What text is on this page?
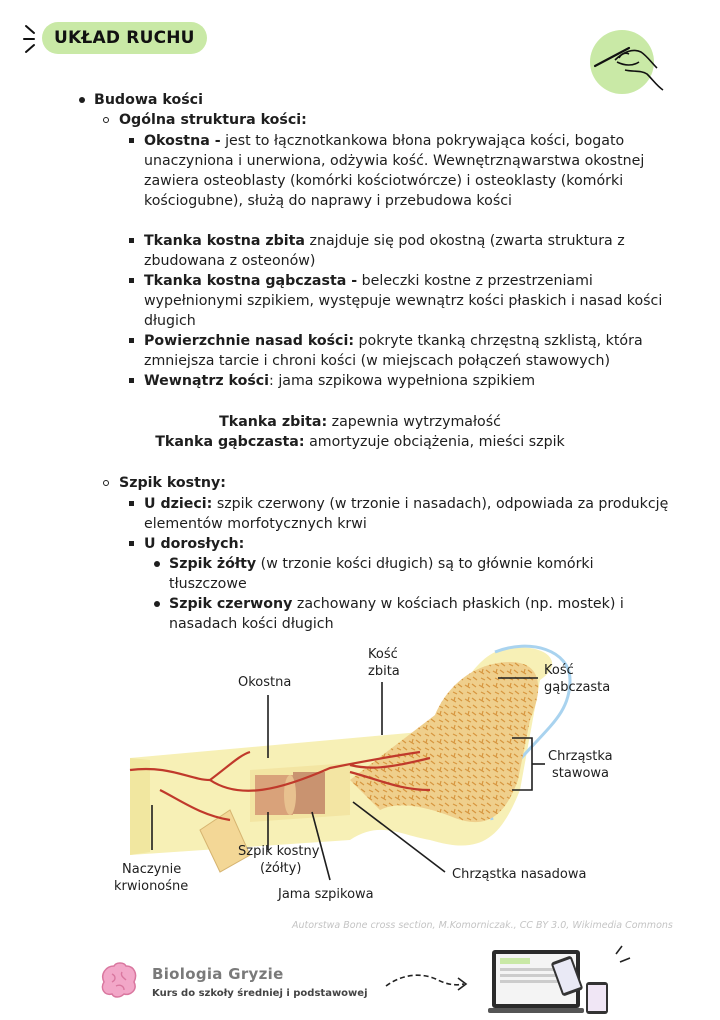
UKŁAD RUCHU
Budowa kości
Ogólna struktura kości:
Okostna - jest to łącznotkankowa błona pokrywająca kości, bogato
unaczyniona i unerwiona, odżywia kość. Wewnętrznąwarstwa okostnej
zawiera osteoblasty (komórki kościotwórcze) i osteoklasty (komórki
kościogubne), służą do naprawy i przebudowa kości
Tkanka kostna zbita znajduje się pod okostną (zwarta struktura z
zbudowana z osteonów)
Tkanka kostna gąbczasta - beleczki kostne z przestrzeniami
wypełnionymi szpikiem, występuje wewnątrz kości płaskich i nasad kości
długich
Powierzchnie nasad kości: pokryte tkanką chrzęstną szklistą, która
zmniejsza tarcie i chroni kości (w miejscach połączeń stawowych)
Wewnątrz kości: jama szpikowa wypełniona szpikiem
Tkanka zbita: zapewnia wytrzymałość
Tkanka gąbczasta: amortyzuje obciążenia, mieści szpik
Szpik kostny:
U dzieci: szpik czerwony (w trzonie i nasadach), odpowiada za produkcję
elementów morfotycznych krwi
U dorosłych:
Szpik żółty (w trzonie kości długich) są to głównie komórki
tłuszczowe
Szpik czerwony zachowany w kościach płaskich (np. mostek) i
nasadach kości długich
Okostna
Kość
zbita	Kość
gąbczasta
Chrząstka
stawowa
Chrząstka nasadowa
Jama szpikowa
Szpik kostny
(żółty)
Naczynie
krwionośne
Autorstwa Bone cross section, M.Komorniczak., CC BY 3.0, Wikimedia Commons
Biologia Gryzie
Kurs do szkoły średniej i podstawowej
